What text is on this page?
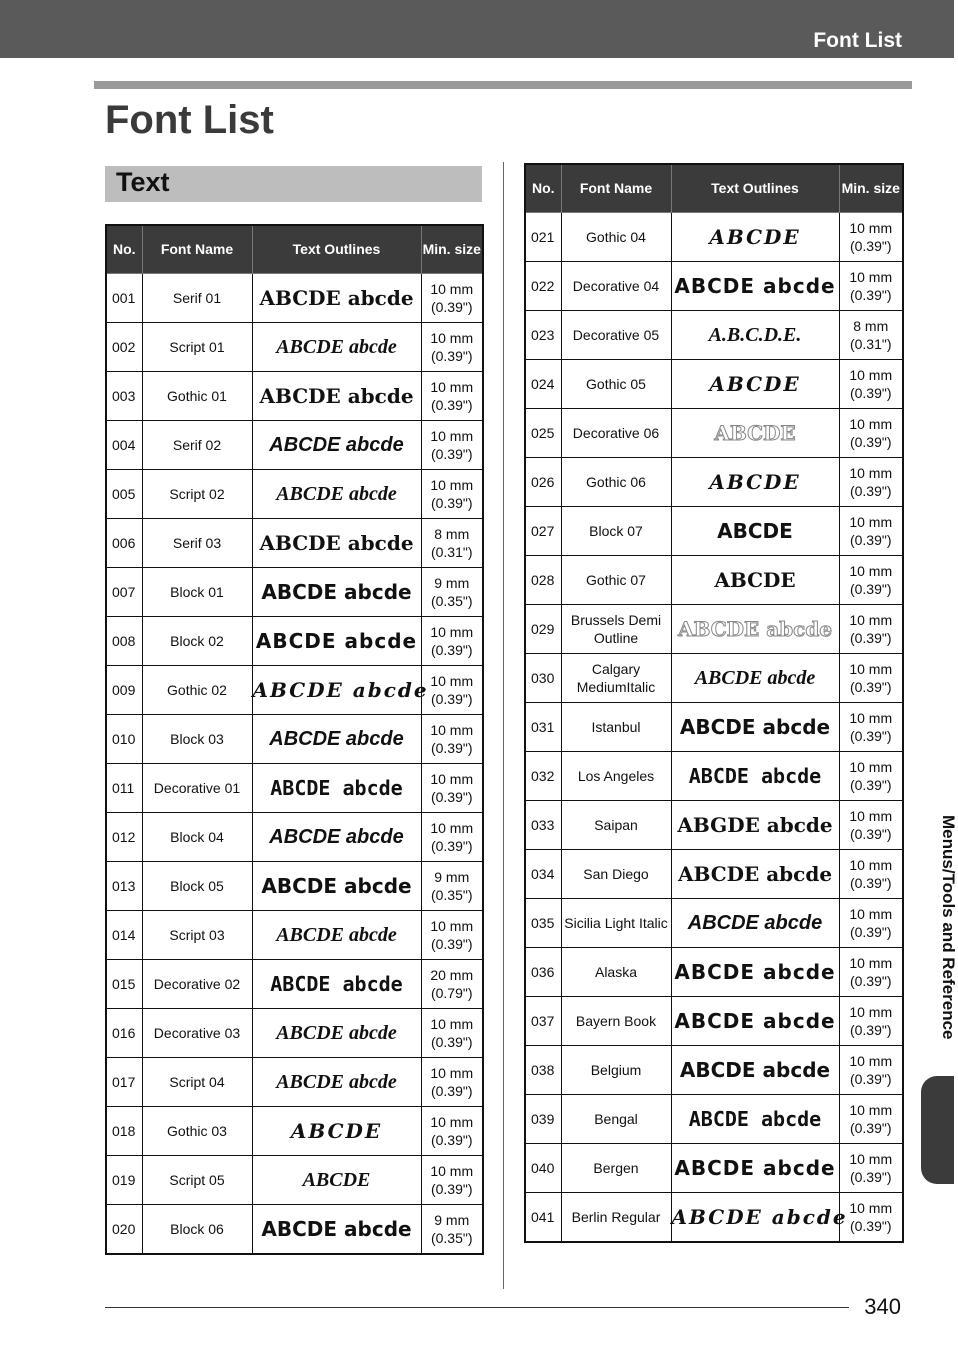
Font List
Font List
Text
No.	Font Name	Text Outlines	Min. size
001	Serif 01	ABCDE abcde	10 mm
(0.39")
002	Script 01	ABCDE abcde	10 mm
(0.39")
003	Gothic 01	ABCDE abcde	10 mm
(0.39")
004	Serif 02	ABCDE abcde	10 mm
(0.39")
005	Script 02	ABCDE abcde	10 mm
(0.39")
006	Serif 03	ABCDE abcde	8 mm
(0.31")
007	Block 01	ABCDE abcde	9 mm
(0.35")
008	Block 02	ABCDE abcde	10 mm
(0.39")
009	Gothic 02	ABCDE abcde	10 mm
(0.39")
010	Block 03	ABCDE abcde	10 mm
(0.39")
011	Decorative 01	ABCDE abcde	10 mm
(0.39")
012	Block 04	ABCDE abcde	10 mm
(0.39")
013	Block 05	ABCDE abcde	9 mm
(0.35")
014	Script 03	ABCDE abcde	10 mm
(0.39")
015	Decorative 02	ABCDE abcde	20 mm
(0.79")
016	Decorative 03	ABCDE abcde	10 mm
(0.39")
017	Script 04	ABCDE abcde	10 mm
(0.39")
018	Gothic 03	ABCDE	10 mm
(0.39")
019	Script 05	ABCDE	10 mm
(0.39")
020	Block 06	ABCDE abcde	9 mm
(0.35")
No.	Font Name	Text Outlines	Min. size
021	Gothic 04	ABCDE	10 mm
(0.39")
022	Decorative 04	ABCDE abcde	10 mm
(0.39")
023	Decorative 05	A.B.C.D.E.	8 mm
(0.31")
024	Gothic 05	ABCDE	10 mm
(0.39")
025	Decorative 06	ABCDE	10 mm
(0.39")
026	Gothic 06	ABCDE	10 mm
(0.39")
027	Block 07	ABCDE	10 mm
(0.39")
028	Gothic 07	ABCDE	10 mm
(0.39")
029	Brussels Demi Outline	ABCDE abcde	10 mm
(0.39")
030	Calgary MediumItalic	ABCDE abcde	10 mm
(0.39")
031	Istanbul	ABCDE abcde	10 mm
(0.39")
032	Los Angeles	ABCDE abcde	10 mm
(0.39")
033	Saipan	ABGDE abcde	10 mm
(0.39")
034	San Diego	ABCDE abcde	10 mm
(0.39")
035	Sicilia Light Italic	ABCDE abcde	10 mm
(0.39")
036	Alaska	ABCDE abcde	10 mm
(0.39")
037	Bayern Book	ABCDE abcde	10 mm
(0.39")
038	Belgium	ABCDE abcde	10 mm
(0.39")
039	Bengal	ABCDE abcde	10 mm
(0.39")
040	Bergen	ABCDE abcde	10 mm
(0.39")
041	Berlin Regular	ABCDE abcde	10 mm
(0.39")
Menus/Tools and Reference
340
